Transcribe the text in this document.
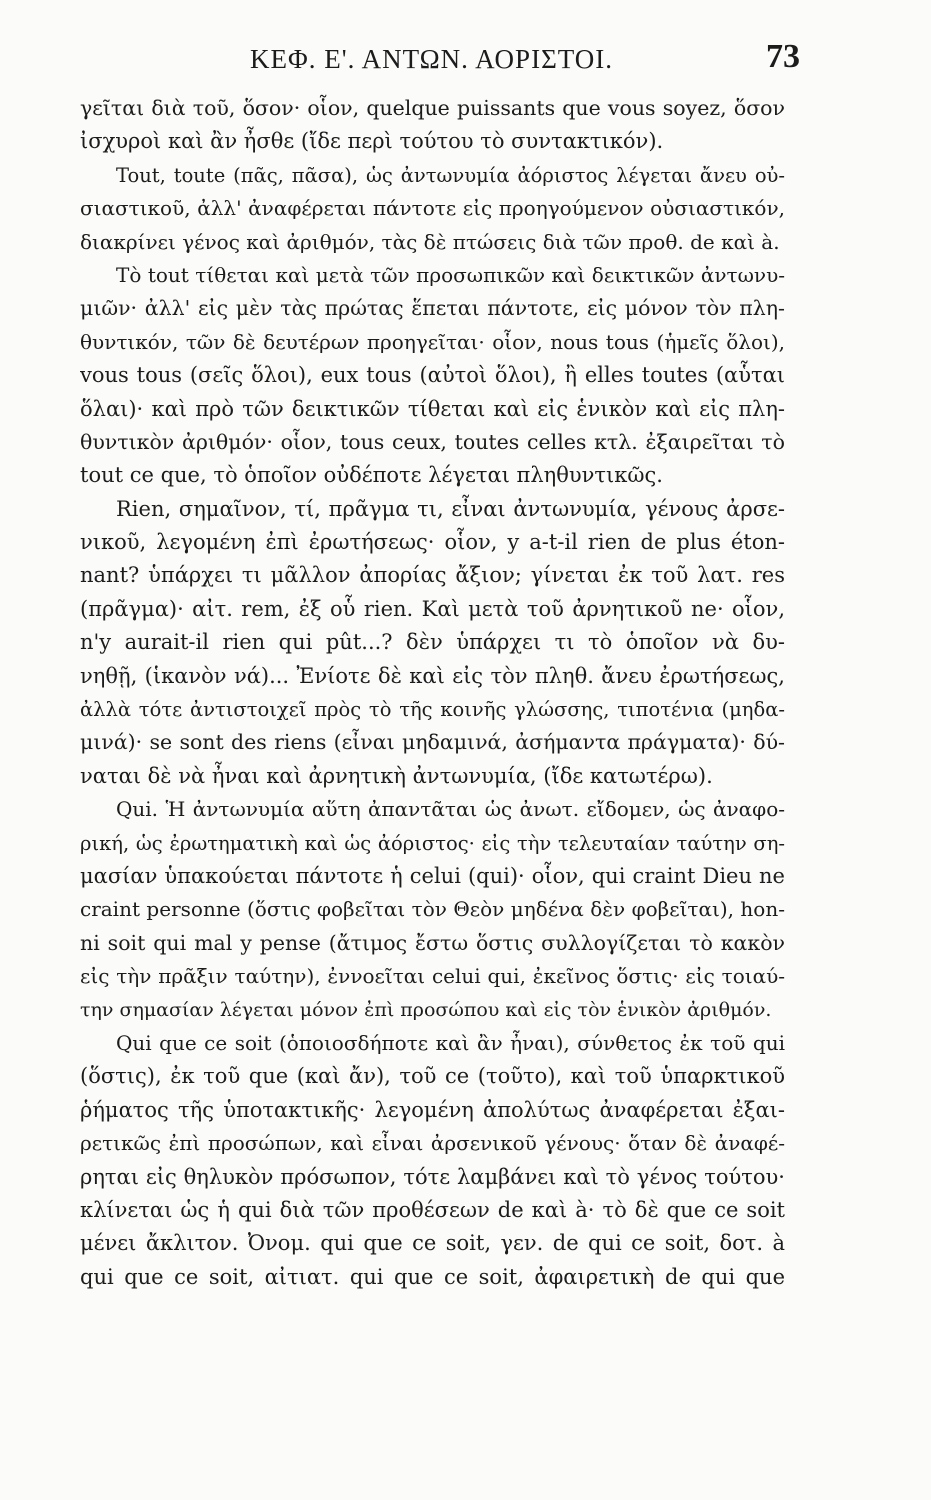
ΚΕΦ. Ε'. ΑΝΤΩΝ. ΑΟΡΙΣΤΟΙ.	73
γεῖται διὰ τοῦ, ὅσον· οἷον, quelque puissants que vous soyez, ὅσον
ἰσχυροὶ καὶ ἂν ἦσθε (ἴδε περὶ τούτου τὸ συντακτικόν).
Tout, toute (πᾶς, πᾶσα), ὡς ἀντωνυμία ἀόριστος λέγεται ἄνευ οὐ-
σιαστικοῦ, ἀλλ' ἀναφέρεται πάντοτε εἰς προηγούμενον οὐσιαστικόν,
διακρίνει γένος καὶ ἀριθμόν, τὰς δὲ πτώσεις διὰ τῶν προθ. de καὶ à.
Τὸ tout τίθεται καὶ μετὰ τῶν προσωπικῶν καὶ δεικτικῶν ἀντωνυ-
μιῶν· ἀλλ' εἰς μὲν τὰς πρώτας ἕπεται πάντοτε, εἰς μόνον τὸν πλη-
θυντικόν, τῶν δὲ δευτέρων προηγεῖται· οἷον, nous tous (ἡμεῖς ὅλοι),
vous tous (σεῖς ὅλοι), eux tous (αὐτοὶ ὅλοι), ἢ elles toutes (αὗται
ὅλαι)· καὶ πρὸ τῶν δεικτικῶν τίθεται καὶ εἰς ἑνικὸν καὶ εἰς πλη-
θυντικὸν ἀριθμόν· οἷον, tous ceux, toutes celles κτλ. ἐξαιρεῖται τὸ
tout ce que, τὸ ὁποῖον οὐδέποτε λέγεται πληθυντικῶς.
Rien, σημαῖνον, τί, πρᾶγμα τι, εἶναι ἀντωνυμία, γένους ἀρσε-
νικοῦ, λεγομένη ἐπὶ ἐρωτήσεως· οἷον, y a-t-il rien de plus éton-
nant? ὑπάρχει τι μᾶλλον ἀπορίας ἄξιον; γίνεται ἐκ τοῦ λατ. res
(πρᾶγμα)· αἰτ. rem, ἐξ οὗ rien. Καὶ μετὰ τοῦ ἀρνητικοῦ ne· οἷον,
n'y aurait-il rien qui pût...? δὲν ὑπάρχει τι τὸ ὁποῖον νὰ δυ-
νηθῇ, (ἱκανὸν νά)... Ἐνίοτε δὲ καὶ εἰς τὸν πληθ. ἄνευ ἐρωτήσεως,
ἀλλὰ τότε ἀντιστοιχεῖ πρὸς τὸ τῆς κοινῆς γλώσσης, τιποτένια (μηδα-
μινά)· se sont des riens (εἶναι μηδαμινά, ἀσήμαντα πράγματα)· δύ-
ναται δὲ νὰ ἦναι καὶ ἀρνητικὴ ἀντωνυμία, (ἴδε κατωτέρω).
Qui. Ἡ ἀντωνυμία αὕτη ἀπαντᾶται ὡς ἀνωτ. εἴδομεν, ὡς ἀναφο-
ρική, ὡς ἐρωτηματικὴ καὶ ὡς ἀόριστος· εἰς τὴν τελευταίαν ταύτην ση-
μασίαν ὑπακούεται πάντοτε ἡ celui (qui)· οἷον, qui craint Dieu ne
craint personne (ὅστις φοβεῖται τὸν Θεὸν μηδένα δὲν φοβεῖται), hon-
ni soit qui mal y pense (ἄτιμος ἔστω ὅστις συλλογίζεται τὸ κακὸν
εἰς τὴν πρᾶξιν ταύτην), ἐννοεῖται celui qui, ἐκεῖνος ὅστις· εἰς τοιαύ-
την σημασίαν λέγεται μόνον ἐπὶ προσώπου καὶ εἰς τὸν ἑνικὸν ἀριθμόν.
Qui que ce soit (ὁποιοσδήποτε καὶ ἂν ἦναι), σύνθετος ἐκ τοῦ qui
(ὅστις), ἐκ τοῦ que (καὶ ἄν), τοῦ ce (τοῦτο), καὶ τοῦ ὑπαρκτικοῦ
ῥήματος τῆς ὑποτακτικῆς· λεγομένη ἀπολύτως ἀναφέρεται ἐξαι-
ρετικῶς ἐπὶ προσώπων, καὶ εἶναι ἀρσενικοῦ γένους· ὅταν δὲ ἀναφέ-
ρηται εἰς θηλυκὸν πρόσωπον, τότε λαμβάνει καὶ τὸ γένος τούτου·
κλίνεται ὡς ἡ qui διὰ τῶν προθέσεων de καὶ à· τὸ δὲ que ce soit
μένει ἄκλιτον. Ὀνομ. qui que ce soit, γεν. de qui ce soit, δοτ. à
qui que ce soit, αἰτιατ. qui que ce soit, ἀφαιρετικὴ de qui que
